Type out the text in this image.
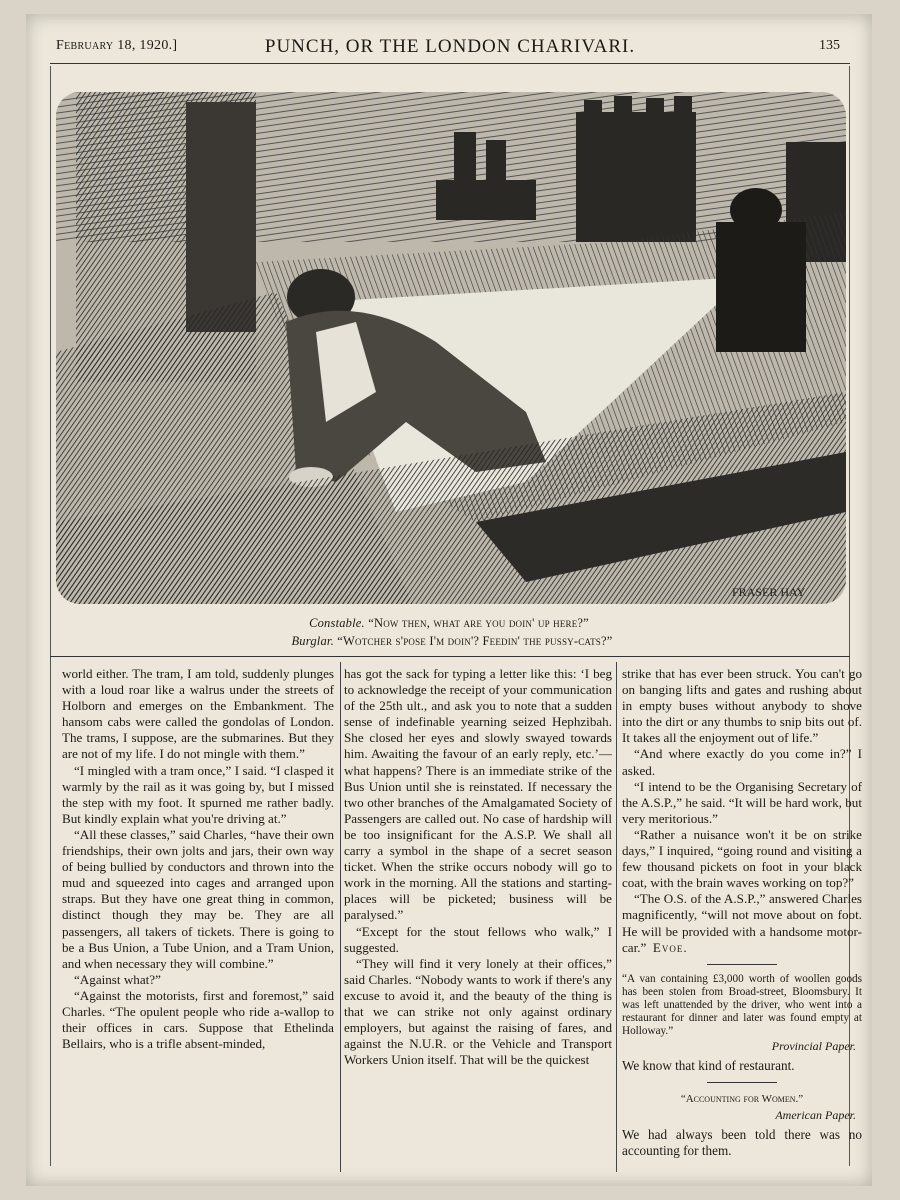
February 18, 1920.]	PUNCH, OR THE LONDON CHARIVARI.	135
FRASER HAY
Constable. “Now then, what are you doin' up here?”
Burglar. “Wotcher s'pose I'm doin'? Feedin' the pussy-cats?”

world either. The tram, I am told, suddenly plunges with a loud roar like a walrus under the streets of Holborn and emerges on the Embankment. The hansom cabs were called the gondolas of London. The trams, I suppose, are the submarines. But they are not of my life. I do not mingle with them.”

“I mingled with a tram once,” I said. “I clasped it warmly by the rail as it was going by, but I missed the step with my foot. It spurned me rather badly. But kindly explain what you're driving at.”

“All these classes,” said Charles, “have their own friendships, their own jolts and jars, their own way of being bullied by conductors and thrown into the mud and squeezed into cages and arranged upon straps. But they have one great thing in common, distinct though they may be. They are all passengers, all takers of tickets. There is going to be a Bus Union, a Tube Union, and a Tram Union, and when necessary they will combine.”

“Against what?”

“Against the motorists, first and foremost,” said Charles. “The opulent people who ride a-wallop to their offices in cars. Suppose that Ethelinda Bellairs, who is a trifle absent-minded,

has got the sack for typing a letter like this: ‘I beg to acknowledge the receipt of your communication of the 25th ult., and ask you to note that a sudden sense of indefinable yearning seized Hephzibah. She closed her eyes and slowly swayed towards him. Awaiting the favour of an early reply, etc.’—what happens? There is an immediate strike of the Bus Union until she is reinstated. If necessary the two other branches of the Amalgamated Society of Passengers are called out. No case of hardship will be too insignificant for the A.S.P. We shall all carry a symbol in the shape of a secret season ticket. When the strike occurs nobody will go to work in the morning. All the stations and starting-places will be picketed; business will be paralysed.”

“Except for the stout fellows who walk,” I suggested.

“They will find it very lonely at their offices,” said Charles. “Nobody wants to work if there's any excuse to avoid it, and the beauty of the thing is that we can strike not only against ordinary employers, but against the raising of fares, and against the N.U.R. or the Vehicle and Transport Workers Union itself. That will be the quickest

strike that has ever been struck. You can't go on banging lifts and gates and rushing about in empty buses without anybody to shove into the dirt or any thumbs to snip bits out of. It takes all the enjoyment out of life.”

“And where exactly do you come in?” I asked.

“I intend to be the Organising Secretary of the A.S.P.,” he said. “It will be hard work, but very meritorious.”

“Rather a nuisance won't it be on strike days,” I inquired, “going round and visiting a few thousand pickets on foot in your black coat, with the brain waves working on top?”

“The O.S. of the A.S.P.,” answered Charles magnificently, “will not move about on foot. He will be provided with a handsome motor-car.” Evoe.

“A van containing £3,000 worth of woollen goods has been stolen from Broad-street, Bloomsbury. It was left unattended by the driver, who went into a restaurant for dinner and later was found empty at Holloway.”

Provincial Paper.

We know that kind of restaurant.

“Accounting for Women.”

American Paper.

We had always been told there was no accounting for them.
